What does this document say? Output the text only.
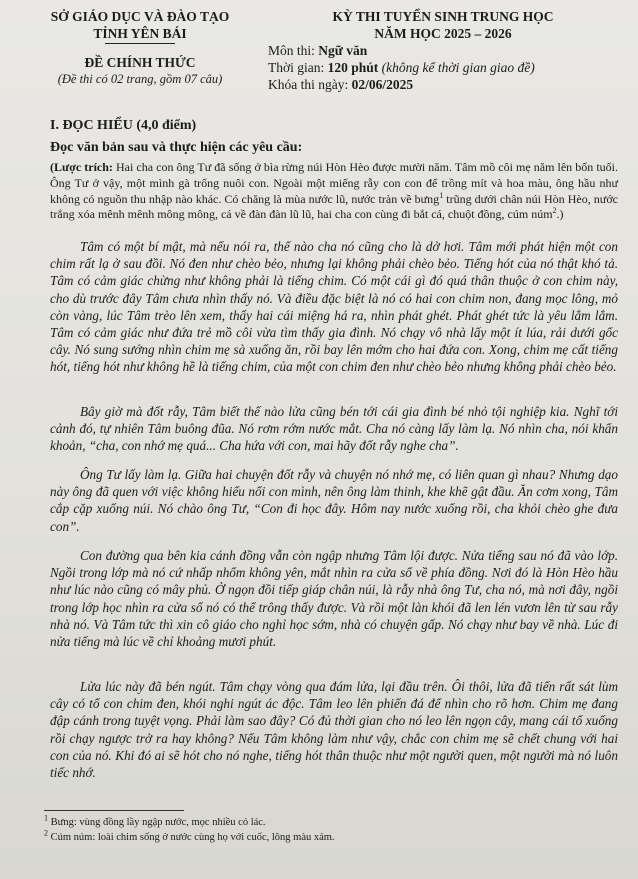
SỞ GIÁO DỤC VÀ ĐÀO TẠO
TỈNH YÊN BÁI
ĐỀ CHÍNH THỨC
(Đề thi có 02 trang, gồm 07 câu)
KỲ THI TUYỂN SINH TRUNG HỌC
NĂM HỌC 2025 – 2026
Môn thi: Ngữ văn
Thời gian: 120 phút (không kể thời gian giao đề)
Khóa thi ngày: 02/06/2025
I. ĐỌC HIỂU (4,0 điểm)
Đọc văn bản sau và thực hiện các yêu cầu:
(Lược trích: Hai cha con ông Tư đã sống ở bìa rừng núi Hòn Hèo được mười năm. Tâm mồ côi mẹ năm lên bốn tuổi. Ông Tư ở vậy, một mình gà trống nuôi con. Ngoài một miếng rẫy con con để trồng mít và hoa màu, ông hầu như không có nguồn thu nhập nào khác. Có chăng là mùa nước lũ, nước tràn về bưng$^1$ trũng dưới chân núi Hòn Hèo, nước trắng xóa mênh mênh mông mông, cá về đàn đàn lũ lũ, hai cha con cùng đi bắt cá, chuột đồng, cúm núm$^2$.)

Tâm có một bí mật, mà nếu nói ra, thế nào cha nó cũng cho là dở hơi. Tâm mới phát hiện một con chim rất lạ ở sau đồi. Nó đen như chèo bẻo, nhưng lại không phải chèo bẻo. Tiếng hót của nó thật khó tả. Tâm có cảm giác chừng như không phải là tiếng chim. Có một cái gì đó quá thân thuộc ở con chim này, cho dù trước đây Tâm chưa nhìn thấy nó. Và điều đặc biệt là nó có hai con chim non, đang mọc lông, mỏ còn vàng, lúc Tâm trèo lên xem, thấy hai cái miệng há ra, nhìn phát ghét. Phát ghét tức là yêu lắm lắm. Tâm có cảm giác như đứa trẻ mồ côi vừa tìm thấy gia đình. Nó chạy vô nhà lấy một ít lúa, rải dưới gốc cây. Nó sung sướng nhìn chim mẹ sà xuống ăn, rồi bay lên mớm cho hai đứa con. Xong, chim mẹ cất tiếng hót, tiếng hót như không hề là tiếng chim, của một con chim đen như chèo bẻo nhưng không phải chèo bẻo.

Bây giờ mà đốt rẫy, Tâm biết thế nào lửa cũng bén tới cái gia đình bé nhỏ tội nghiệp kia. Nghĩ tới cảnh đó, tự nhiên Tâm buông đũa. Nó rơm rớm nước mắt. Cha nó càng lấy làm lạ. Nó nhìn cha, nói khẩn khoản, “cha, con nhớ mẹ quá... Cha hứa với con, mai hãy đốt rẫy nghe cha”.

Ông Tư lấy làm lạ. Giữa hai chuyện đốt rẫy và chuyện nó nhớ mẹ, có liên quan gì nhau? Nhưng dạo này ông đã quen với việc không hiểu nổi con mình, nên ông làm thinh, khe khẽ gật đầu. Ăn cơm xong, Tâm cắp cặp xuống núi. Nó chào ông Tư, “Con đi học đây. Hôm nay nước xuống rồi, cha khỏi chèo ghe đưa con”.

Con đường qua bên kia cánh đồng vẫn còn ngập nhưng Tâm lội được. Nửa tiếng sau nó đã vào lớp. Ngồi trong lớp mà nó cứ nhấp nhổm không yên, mắt nhìn ra cửa sổ về phía đồng. Nơi đó là Hòn Hèo hầu như lúc nào cũng có mây phủ. Ở ngọn đồi tiếp giáp chân núi, là rẫy nhà ông Tư, cha nó, mà nơi đây, ngồi trong lớp học nhìn ra cửa sổ nó có thể trông thấy được. Và rồi một làn khói đã len lén vươn lên từ sau rẫy nhà nó. Và Tâm tức thì xin cô giáo cho nghỉ học sớm, nhà có chuyện gấp. Nó chạy như bay về nhà. Lúc đi nửa tiếng mà lúc về chỉ khoảng mươi phút.

Lửa lúc này đã bén ngút. Tâm chạy vòng qua đám lửa, lại đầu trên. Ôi thôi, lửa đã tiến rất sát lùm cây có tổ con chim đen, khói nghi ngút ác độc. Tâm leo lên phiến đá để nhìn cho rõ hơn. Chim mẹ đang đập cánh trong tuyệt vọng. Phải làm sao đây? Có đủ thời gian cho nó leo lên ngọn cây, mang cái tổ xuống rồi chạy ngược trở ra hay không? Nếu Tâm không làm như vậy, chắc con chim mẹ sẽ chết chung với hai con của nó. Khi đó ai sẽ hót cho nó nghe, tiếng hót thân thuộc như một người quen, một người mà nó luôn tiếc nhớ.

$^1$ Bưng: vùng đồng lầy ngập nước, mọc nhiều cỏ lác.
$^2$ Cúm núm: loài chim sống ở nước cùng họ với cuốc, lông màu xám.
